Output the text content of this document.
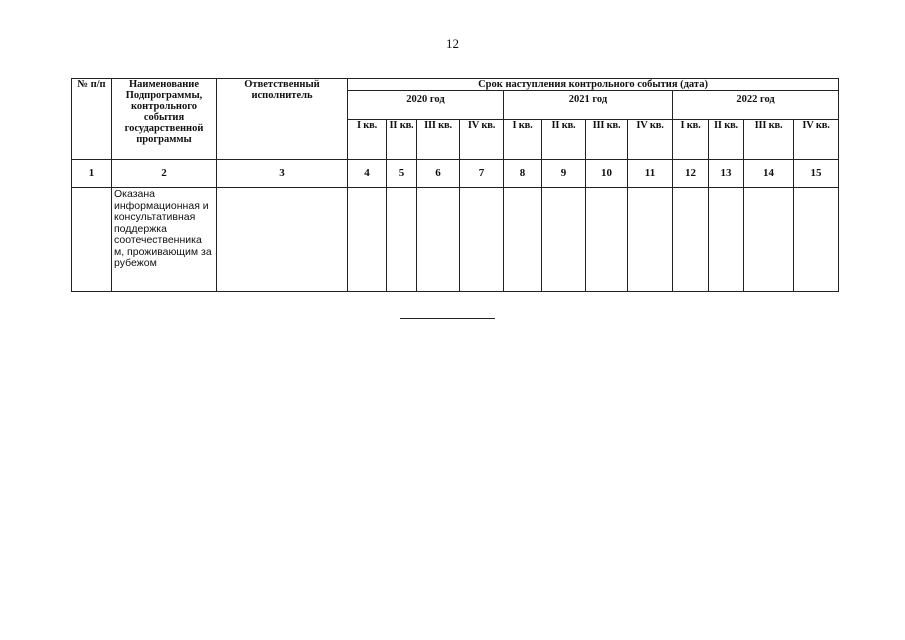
12
№ п/п	Наименование Подпрограммы, контрольного события государственной программы	Ответственный исполнитель	Срок наступления контрольного события (дата)											
			2020 год				2021 год				2022 год			
			I кв.	II кв.	III кв.	IV кв.	I кв.	II кв.	III кв.	IV кв.	I кв.	II кв.	III кв.	IV кв.
1	2	3	4	5	6	7	8	9	10	11	12	13	14	15
	Оказана информационная и консультативная поддержка соотечественника м, проживающим за рубежом													
